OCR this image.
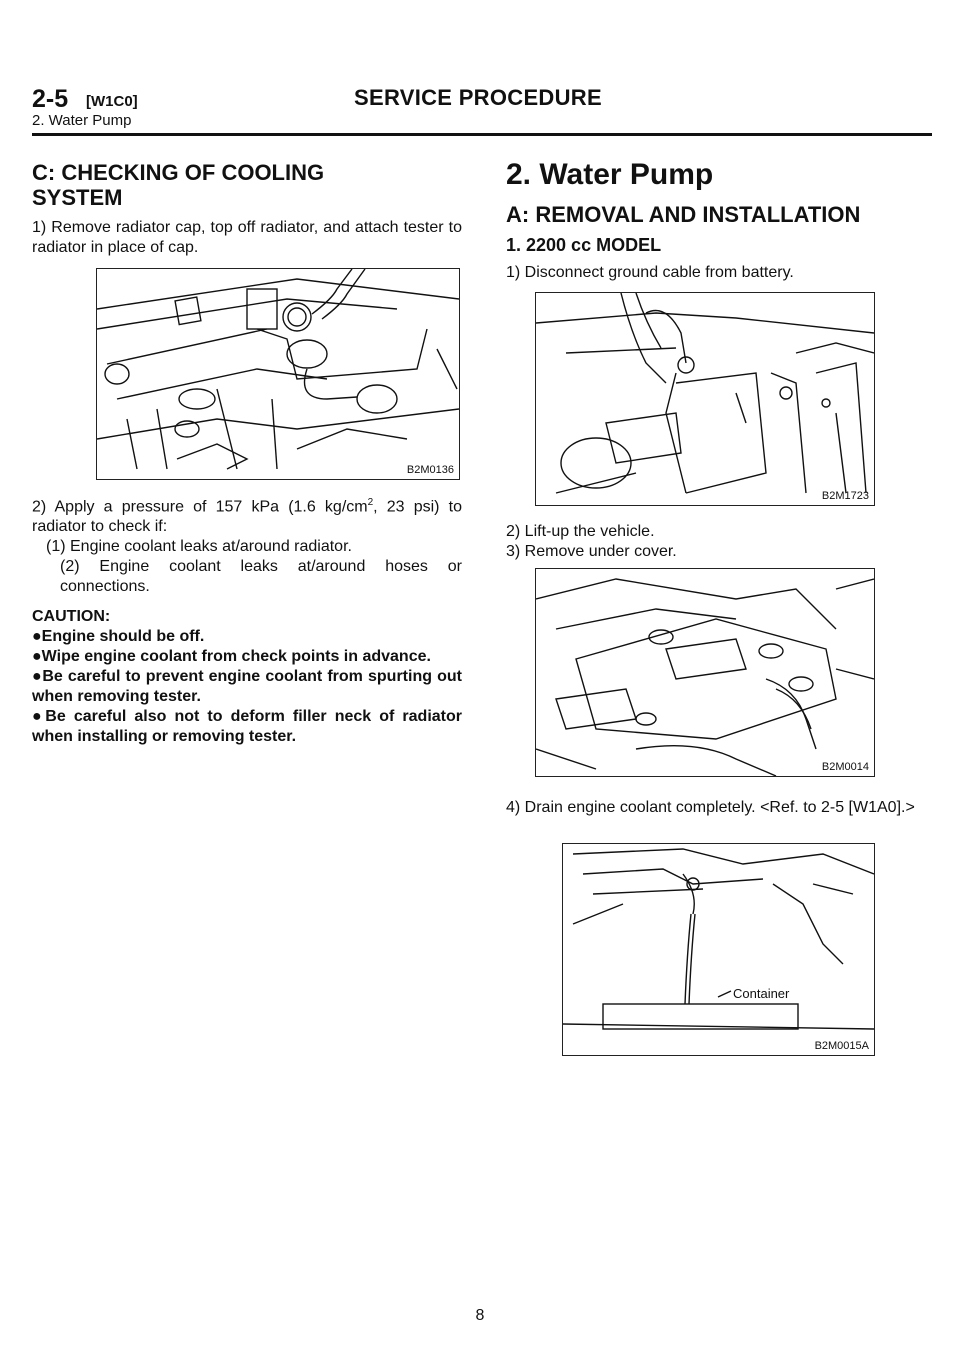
2-5 [W1C0]	SERVICE PROCEDURE
2. Water Pump
C: CHECKING OF COOLING
SYSTEM

1) Remove radiator cap, top off radiator, and attach tester to radiator in place of cap.

B2M0136

2) Apply a pressure of 157 kPa (1.6 $kg/cm^2$, 23 psi) to radiator to check if:

(1) Engine coolant leaks at/around radiator.

(2) Engine coolant leaks at/around hoses or connections.

CAUTION:

●Engine should be off.

●Wipe engine coolant from check points in advance.

●Be careful to prevent engine coolant from spurting out when removing tester.

●Be careful also not to deform filler neck of radiator when installing or removing tester.

2. Water Pump
A: REMOVAL AND INSTALLATION

1. 2200 cc MODEL

1) Disconnect ground cable from battery.

B2M1723

2) Lift-up the vehicle.

3) Remove under cover.

B2M0014

4) Drain engine coolant completely. <Ref. to 2-5 [W1A0].>

Container
B2M0015A
8
